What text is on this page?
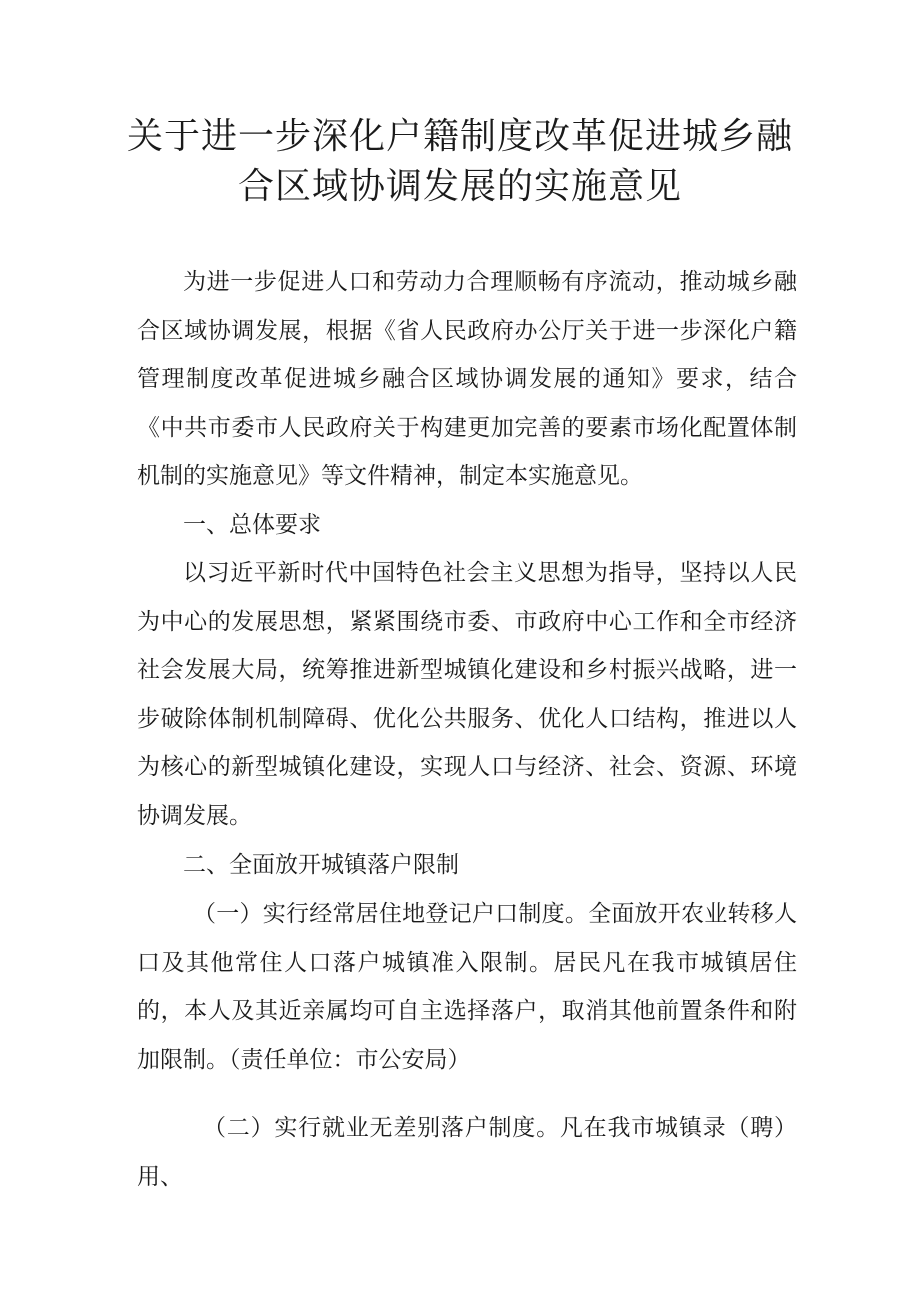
关于进一步深化户籍制度改革促进城乡融
合区域协调发展的实施意见

为进一步促进人口和劳动力合理顺畅有序流动，推动城乡融合区域协调发展，根据《省人民政府办公厅关于进一步深化户籍管理制度改革促进城乡融合区域协调发展的通知》要求，结合《中共市委市人民政府关于构建更加完善的要素市场化配置体制机制的实施意见》等文件精神，制定本实施意见。

一、总体要求

以习近平新时代中国特色社会主义思想为指导，坚持以人民为中心的发展思想，紧紧围绕市委、市政府中心工作和全市经济社会发展大局，统筹推进新型城镇化建设和乡村振兴战略，进一步破除体制机制障碍、优化公共服务、优化人口结构，推进以人为核心的新型城镇化建设，实现人口与经济、社会、资源、环境协调发展。

二、全面放开城镇落户限制

（一）实行经常居住地登记户口制度。全面放开农业转移人口及其他常住人口落户城镇准入限制。居民凡在我市城镇居住的，本人及其近亲属均可自主选择落户，取消其他前置条件和附加限制。（责任单位：市公安局）

（二）实行就业无差别落户制度。凡在我市城镇录（聘）用、
